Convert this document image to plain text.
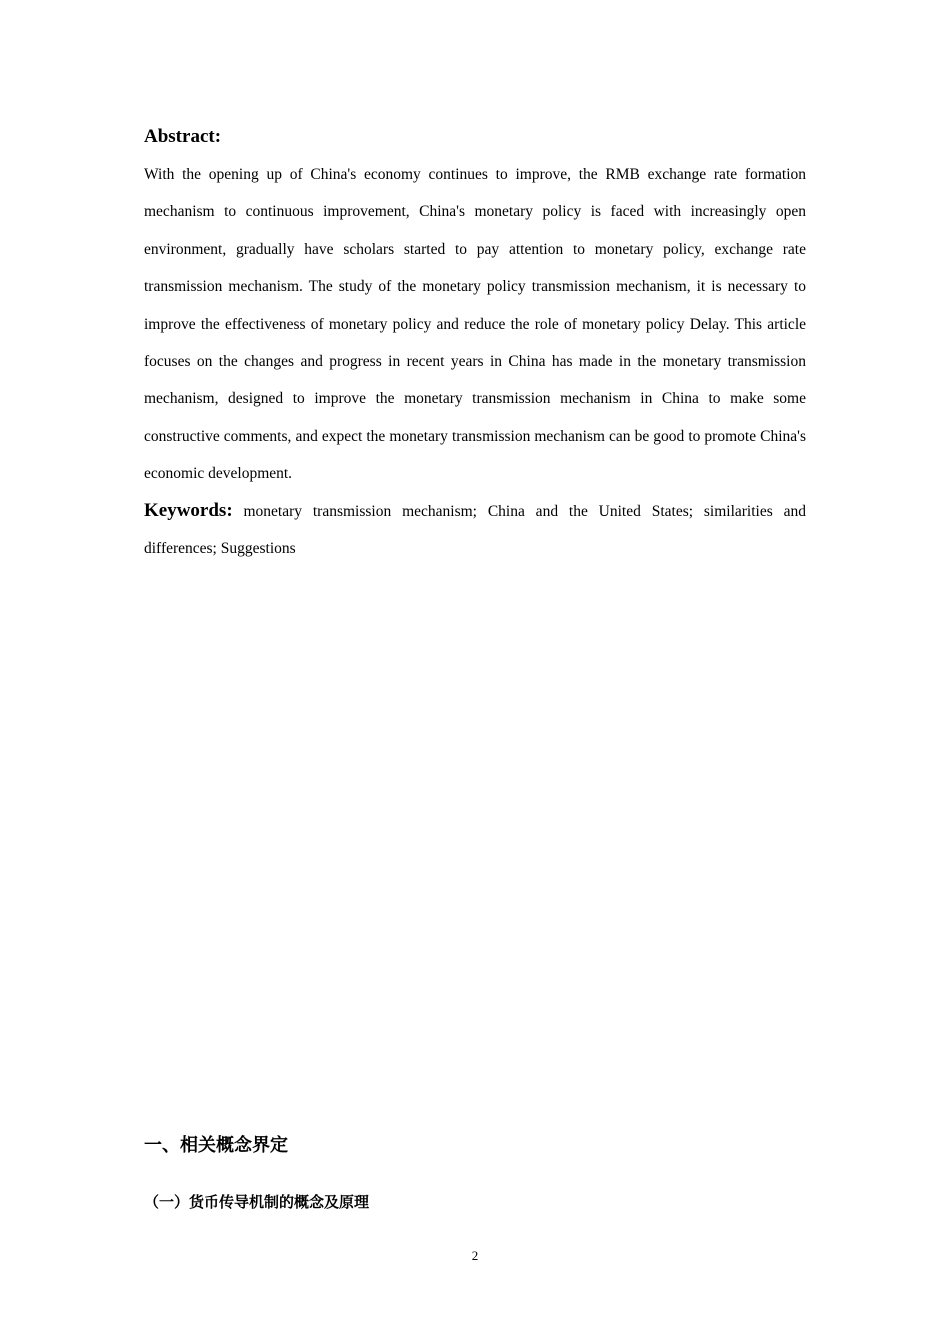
Abstract:

With the opening up of China's economy continues to improve, the RMB exchange rate formation mechanism to continuous improvement, China's monetary policy is faced with increasingly open environment, gradually have scholars started to pay attention to monetary policy, exchange rate transmission mechanism. The study of the monetary policy transmission mechanism, it is necessary to improve the effectiveness of monetary policy and reduce the role of monetary policy Delay. This article focuses on the changes and progress in recent years in China has made in the monetary transmission mechanism, designed to improve the monetary transmission mechanism in China to make some constructive comments, and expect the monetary transmission mechanism can be good to promote China's economic development.

Keywords: monetary transmission mechanism; China and the United States; similarities and differences; Suggestions

一、相关概念界定
（一）货币传导机制的概念及原理
2
